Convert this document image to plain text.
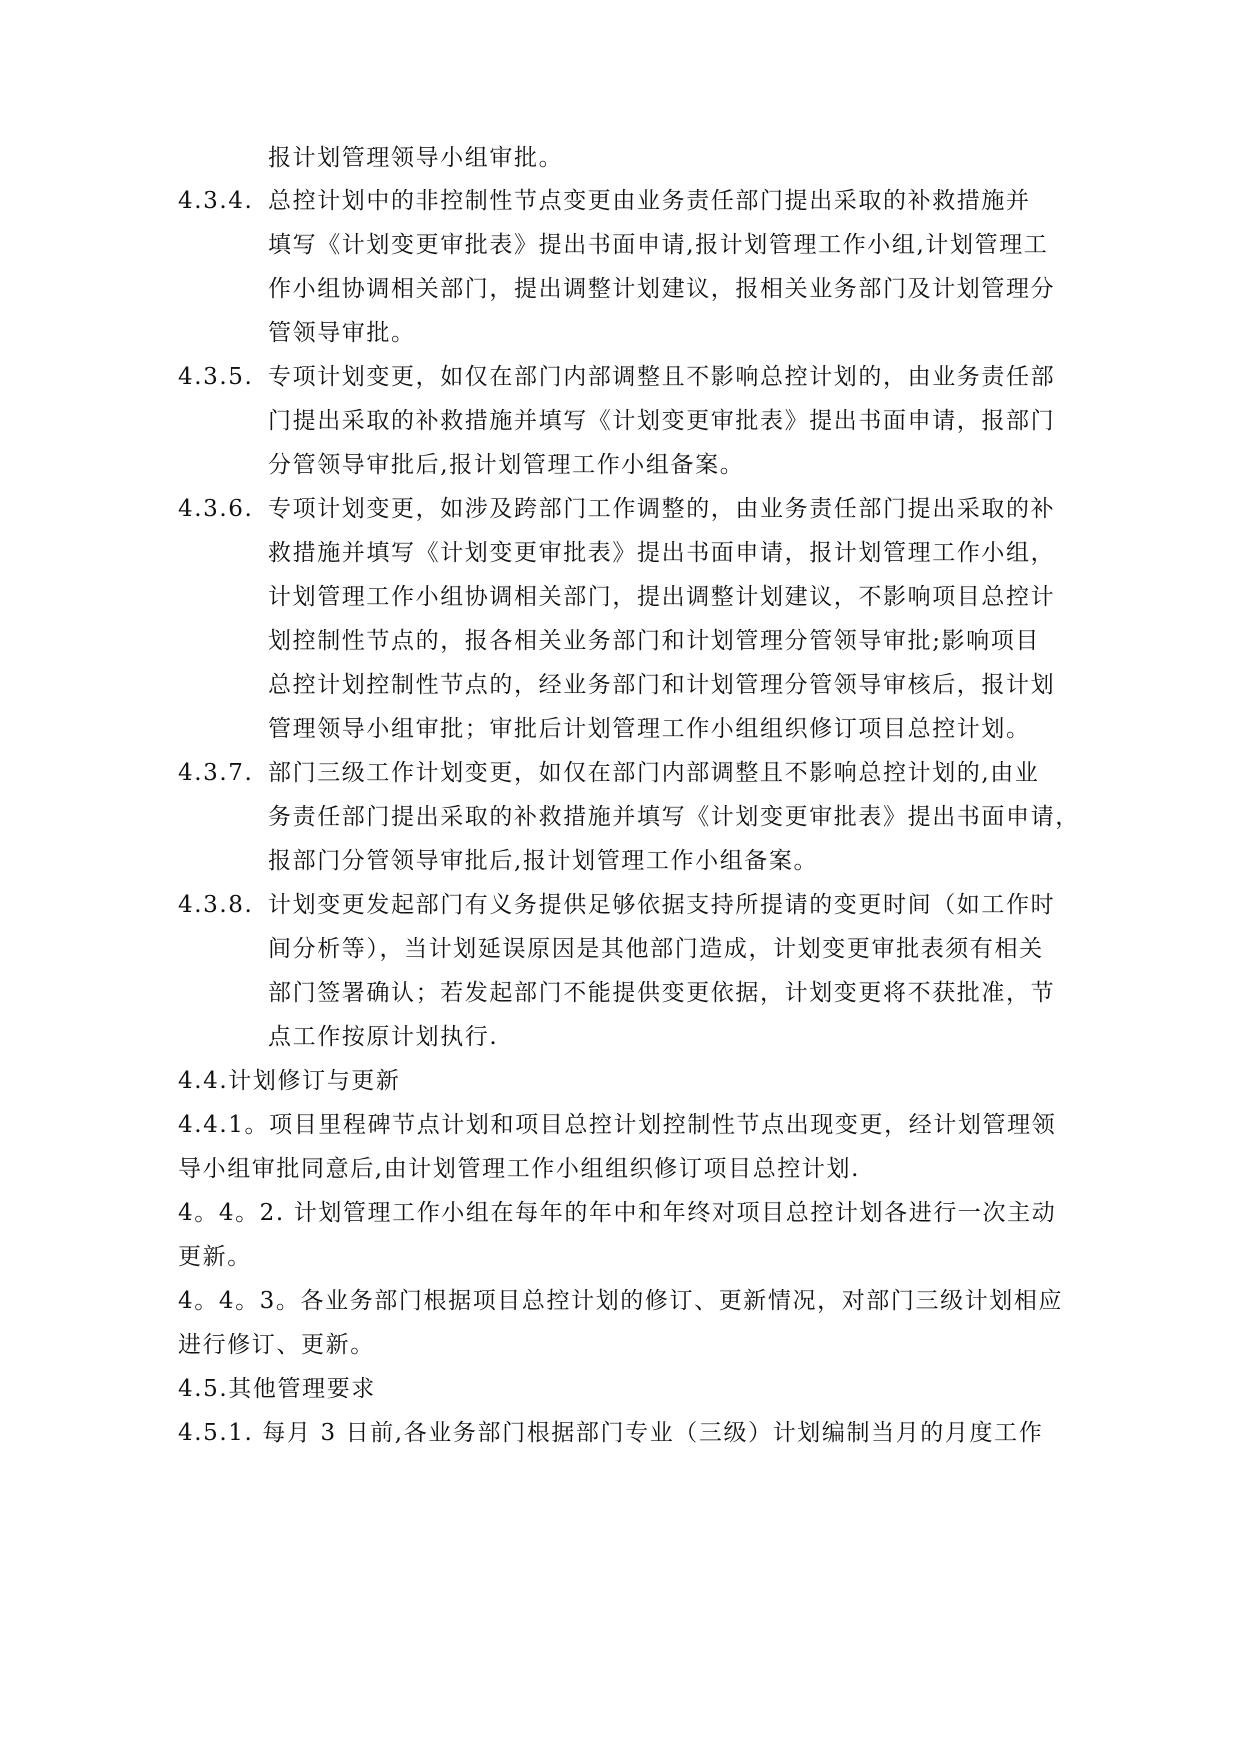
报计划管理领导小组审批。
4.3.4. 总控计划中的非控制性节点变更由业务责任部门提出采取的补救措施并
填写《计划变更审批表》提出书面申请,报计划管理工作小组,计划管理工
作小组协调相关部门，提出调整计划建议，报相关业务部门及计划管理分
管领导审批。
4.3.5. 专项计划变更，如仅在部门内部调整且不影响总控计划的，由业务责任部
门提出采取的补救措施并填写《计划变更审批表》提出书面申请，报部门
分管领导审批后,报计划管理工作小组备案。
4.3.6. 专项计划变更，如涉及跨部门工作调整的，由业务责任部门提出采取的补
救措施并填写《计划变更审批表》提出书面申请，报计划管理工作小组，
计划管理工作小组协调相关部门，提出调整计划建议，不影响项目总控计
划控制性节点的，报各相关业务部门和计划管理分管领导审批;影响项目
总控计划控制性节点的，经业务部门和计划管理分管领导审核后，报计划
管理领导小组审批；审批后计划管理工作小组组织修订项目总控计划。
4.3.7. 部门三级工作计划变更，如仅在部门内部调整且不影响总控计划的,由业
务责任部门提出采取的补救措施并填写《计划变更审批表》提出书面申请，
报部门分管领导审批后,报计划管理工作小组备案。
4.3.8. 计划变更发起部门有义务提供足够依据支持所提请的变更时间（如工作时
间分析等），当计划延误原因是其他部门造成，计划变更审批表须有相关
部门签署确认；若发起部门不能提供变更依据，计划变更将不获批准，节
点工作按原计划执行.
4.4.计划修订与更新
4.4.1。项目里程碑节点计划和项目总控计划控制性节点出现变更，经计划管理领
导小组审批同意后,由计划管理工作小组组织修订项目总控计划.
4。4。2. 计划管理工作小组在每年的年中和年终对项目总控计划各进行一次主动
更新。
4。4。3。各业务部门根据项目总控计划的修订、更新情况，对部门三级计划相应
进行修订、更新。
4.5.其他管理要求
4.5.1. 每月 3 日前,各业务部门根据部门专业（三级）计划编制当月的月度工作
